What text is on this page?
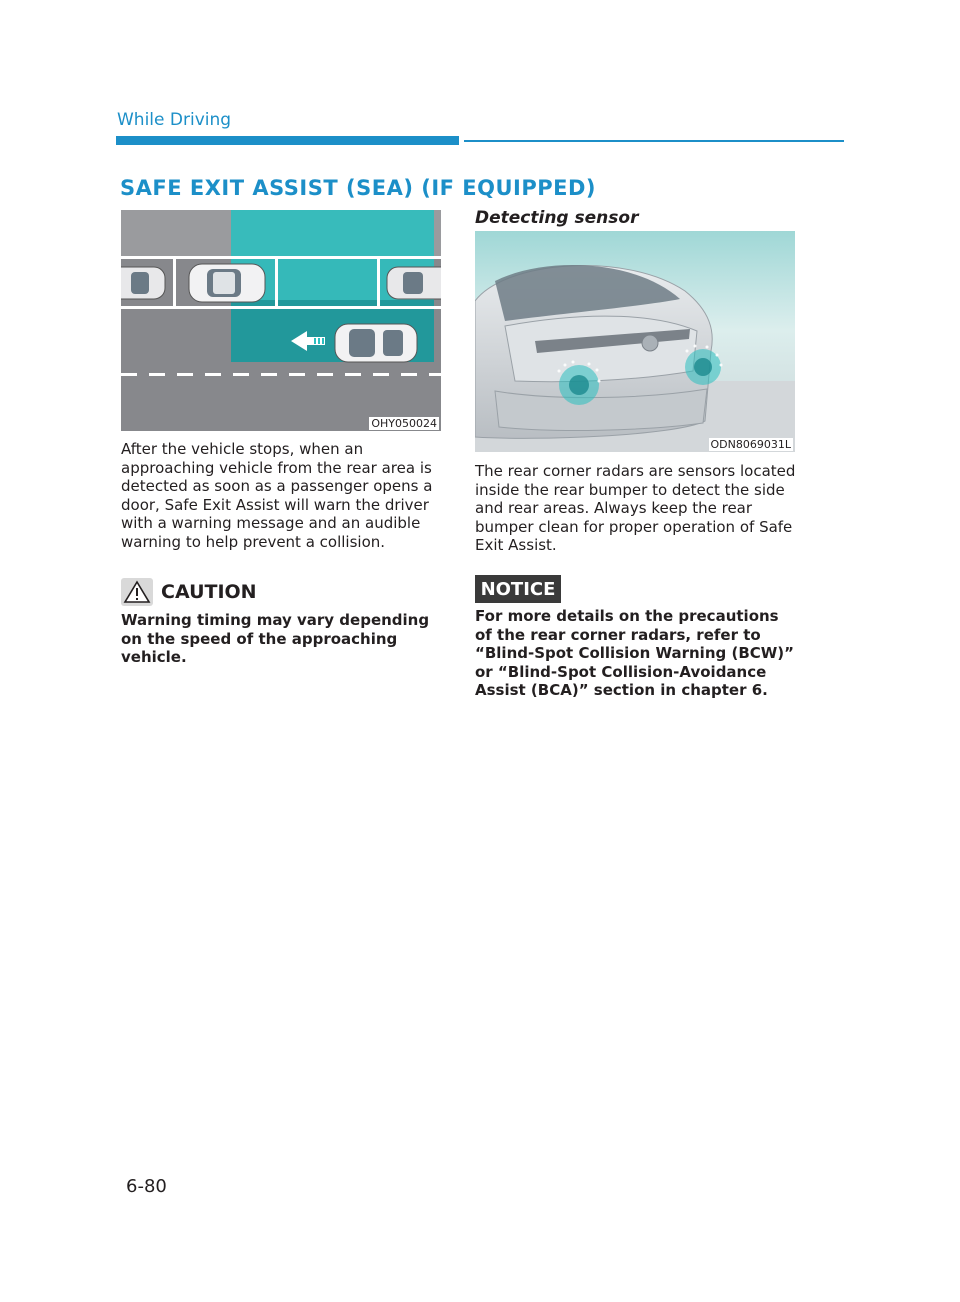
While Driving
SAFE EXIT ASSIST (SEA) (IF EQUIPPED)
OHY050024
After the vehicle stops, when an approaching vehicle from the rear area is detected as soon as a passenger opens a door, Safe Exit Assist will warn the driver with a warning message and an audible warning to help prevent a collision.
CAUTION
Warning timing may vary depending on the speed of the approaching vehicle.
Detecting sensor
ODN8069031L
The rear corner radars are sensors located inside the rear bumper to detect the side and rear areas. Always keep the rear bumper clean for proper operation of Safe Exit Assist.
NOTICE
For more details on the precautions of the rear corner radars, refer to “Blind-Spot Collision Warning (BCW)” or “Blind-Spot Collision-Avoidance Assist (BCA)” section in chapter 6.
6-80
